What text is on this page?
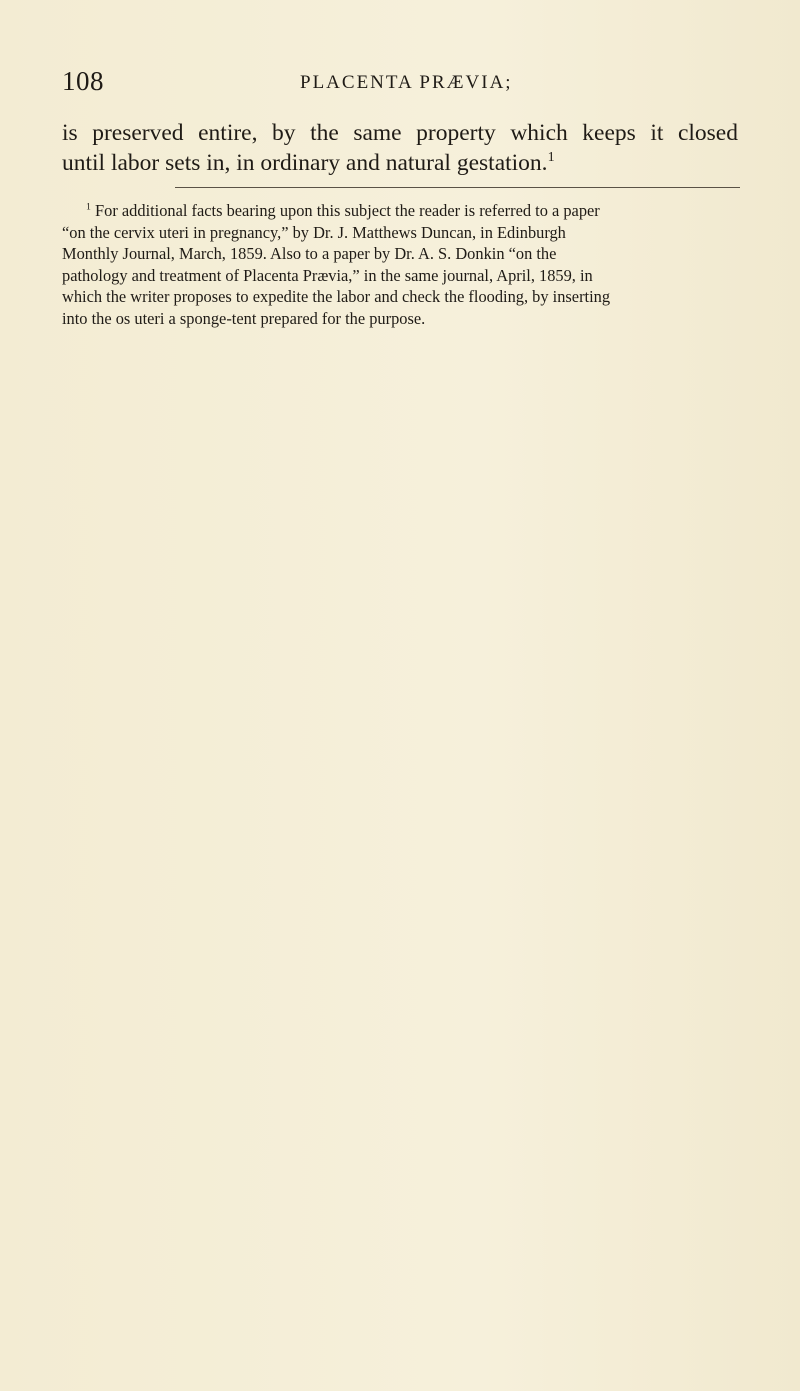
108	PLACENTA PRÆVIA;
is preserved entire, by the same property which keeps it closed
until labor sets in, in ordinary and natural gestation.$^1$
$^1$ For additional facts bearing upon this subject the reader is referred to a paper
“on the cervix uteri in pregnancy,” by Dr. J. Matthews Duncan, in Edinburgh
Monthly Journal, March, 1859. Also to a paper by Dr. A. S. Donkin “on the
pathology and treatment of Placenta Prævia,” in the same journal, April, 1859, in
which the writer proposes to expedite the labor and check the flooding, by inserting
into the os uteri a sponge-tent prepared for the purpose.
